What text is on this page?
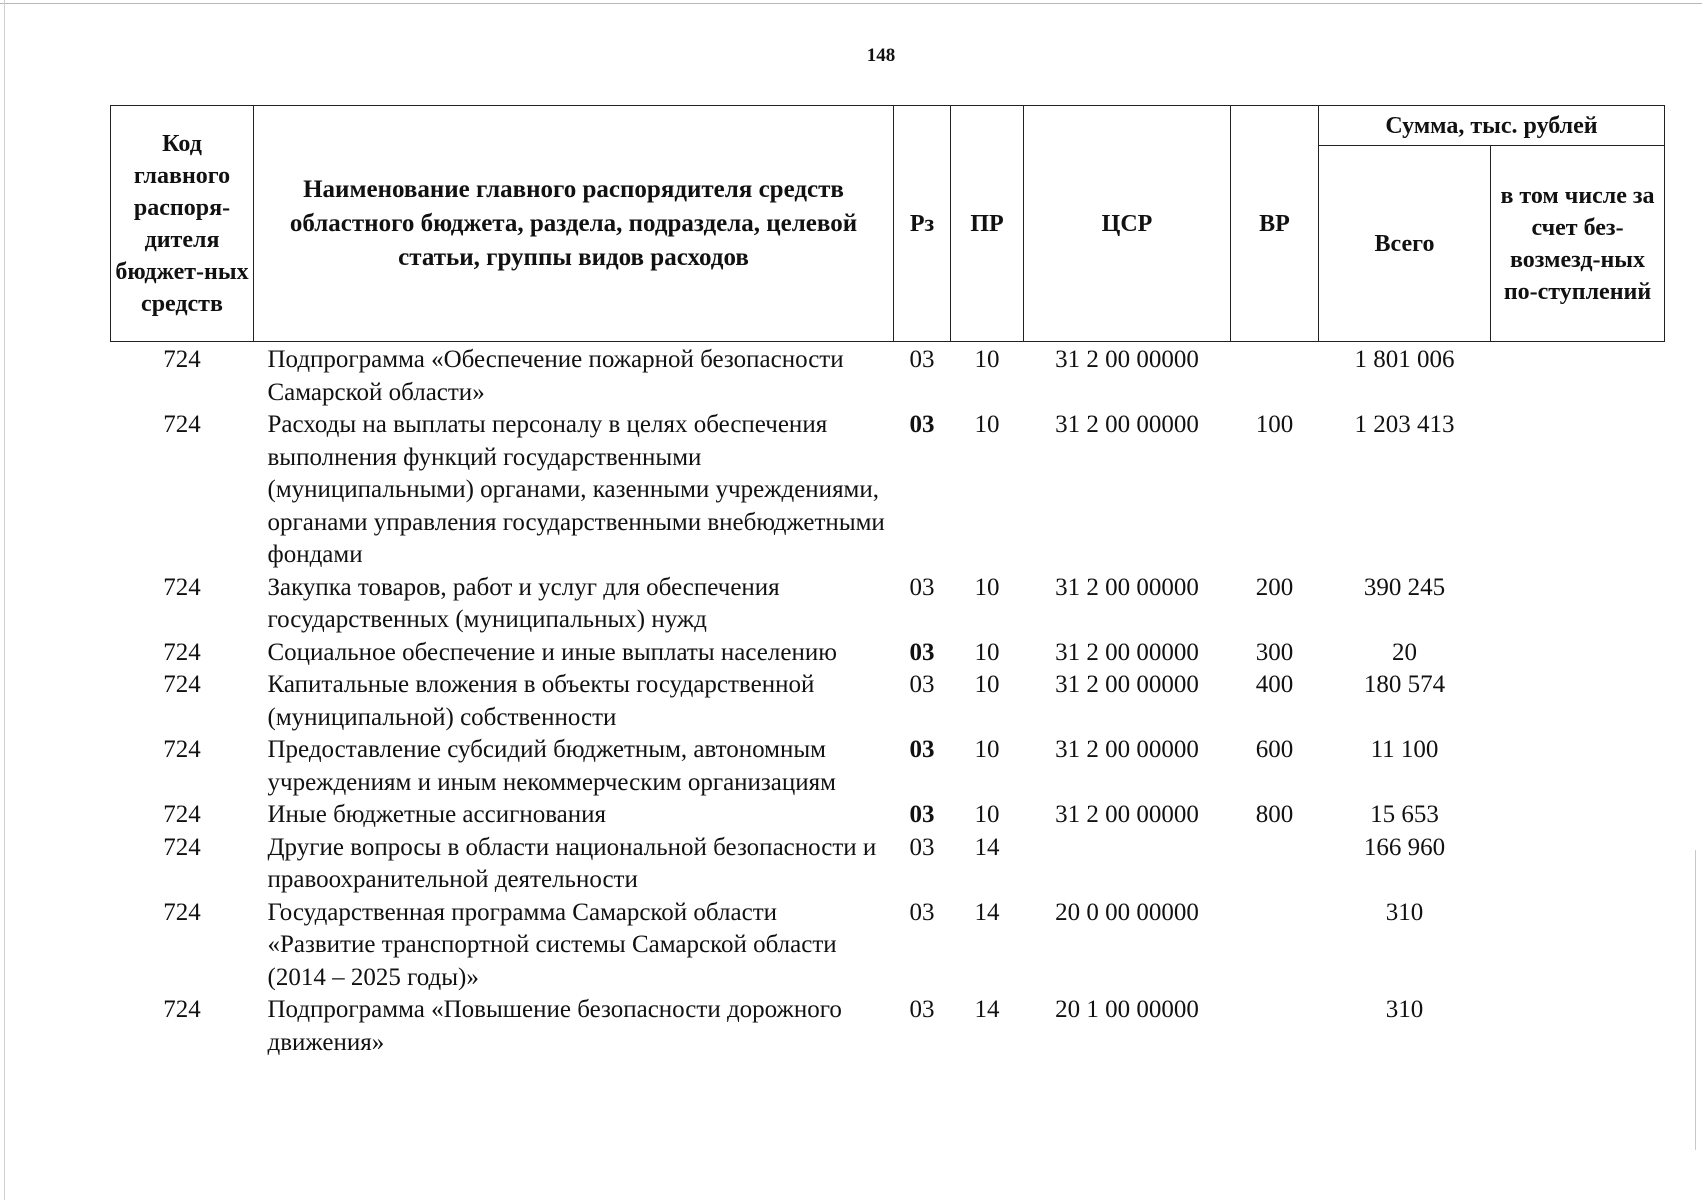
148
Код главного распоря-дителя бюджет-ных средств	Наименование главного распорядителя средств областного бюджета, раздела, подраздела, целевой статьи, группы видов расходов	Рз	ПР	ЦСР	ВР	Сумма, тыс. рублей	
						Всего	в том числе за счет без-возмезд-ных по-ступлений
724	Подпрограмма «Обеспечение пожарной безопасности Самарской области»	03	10	31 2 00 00000		1 801 006	
724	Расходы на выплаты персоналу в целях обеспечения выполнения функций государственными (муниципальными) органами, казенными учреждениями, органами управления государственными внебюджетными фондами	03	10	31 2 00 00000	100	1 203 413	
724	Закупка товаров, работ и услуг для обеспечения государственных (муниципальных) нужд	03	10	31 2 00 00000	200	390 245	
724	Социальное обеспечение и иные выплаты населению	03	10	31 2 00 00000	300	20	
724	Капитальные вложения в объекты государственной (муниципальной) собственности	03	10	31 2 00 00000	400	180 574	
724	Предоставление субсидий бюджетным, автономным учреждениям и иным некоммерческим организациям	03	10	31 2 00 00000	600	11 100	
724	Иные бюджетные ассигнования	03	10	31 2 00 00000	800	15 653	
724	Другие вопросы в области национальной безопасности и правоохранительной деятельности	03	14			166 960	
724	Государственная программа Самарской области «Развитие транспортной системы Самарской области (2014 – 2025 годы)»	03	14	20 0 00 00000		310	
724	Подпрограмма «Повышение безопасности дорожного движения»	03	14	20 1 00 00000		310	
